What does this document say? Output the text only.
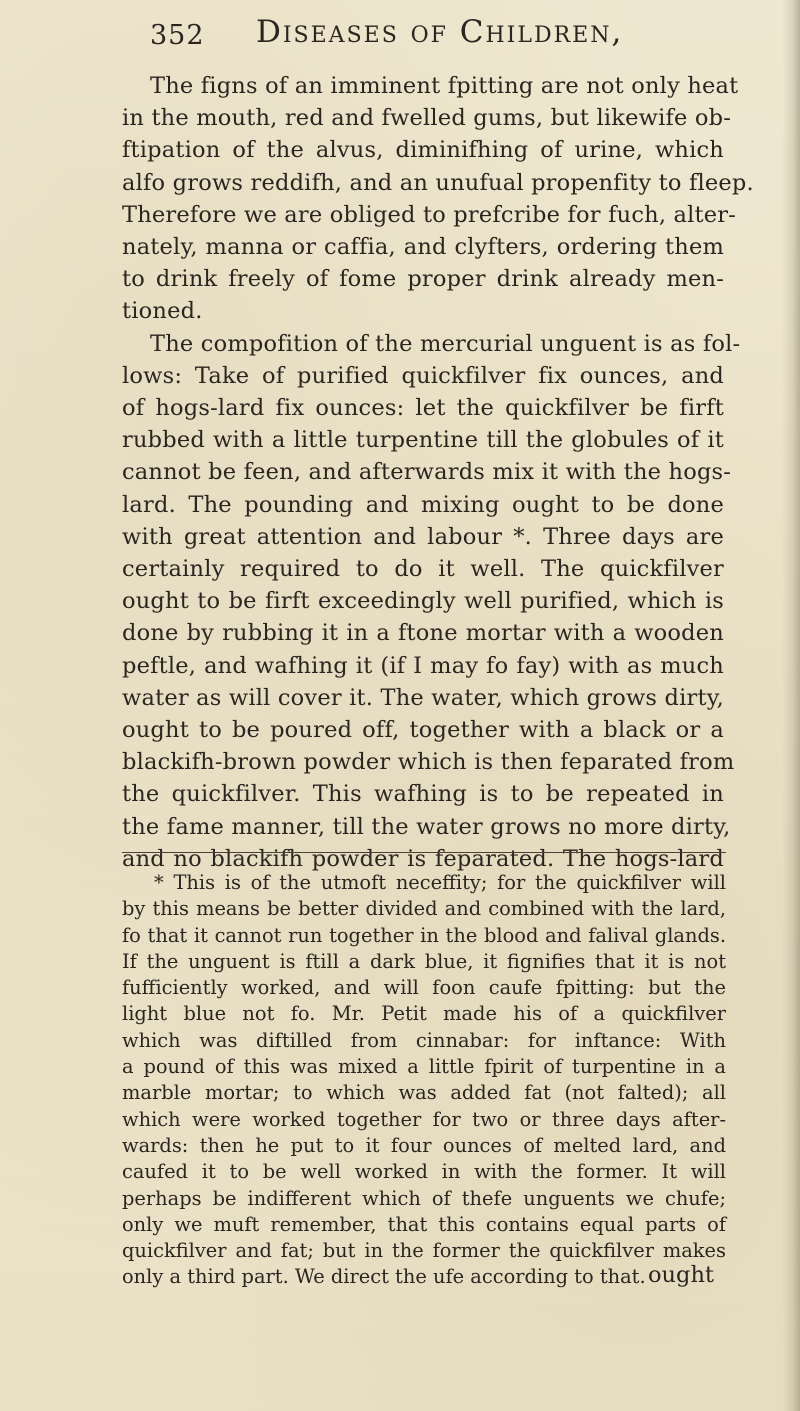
352 Diseases of Children,
The figns of an imminent fpitting are not only heat
in the mouth, red and fwelled gums, but likewife ob-
ftipation of the alvus, diminifhing of urine, which
alfo grows reddifh, and an unufual propenfity to fleep.
Therefore we are obliged to prefcribe for fuch, alter-
nately, manna or caffia, and clyfters, ordering them
to drink freely of fome proper drink already men-
tioned.
The compofition of the mercurial unguent is as fol-
lows: Take of purified quickfilver fix ounces, and
of hogs-lard fix ounces: let the quickfilver be firft
rubbed with a little turpentine till the globules of it
cannot be feen, and afterwards mix it with the hogs-
lard. The pounding and mixing ought to be done
with great attention and labour *. Three days are
certainly required to do it well. The quickfilver
ought to be firft exceedingly well purified, which is
done by rubbing it in a ftone mortar with a wooden
peftle, and wafhing it (if I may fo fay) with as much
water as will cover it. The water, which grows dirty,
ought to be poured off, together with a black or a
blackifh-brown powder which is then feparated from
the quickfilver. This wafhing is to be repeated in
the fame manner, till the water grows no more dirty,
and no blackifh powder is feparated. The hogs-lard
* This is of the utmoft neceffity; for the quickfilver will
by this means be better divided and combined with the lard,
fo that it cannot run together in the blood and falival glands.
If the unguent is ftill a dark blue, it fignifies that it is not
fufficiently worked, and will foon caufe fpitting: but the
light blue not fo. Mr. Petit made his of a quickfilver
which was diftilled from cinnabar: for inftance: With
a pound of this was mixed a little fpirit of turpentine in a
marble mortar; to which was added fat (not falted); all
which were worked together for two or three days after-
wards: then he put to it four ounces of melted lard, and
caufed it to be well worked in with the former. It will
perhaps be indifferent which of thefe unguents we chufe;
only we muft remember, that this contains equal parts of
quickfilver and fat; but in the former the quickfilver makes
only a third part. We direct the ufe according to that. ought
